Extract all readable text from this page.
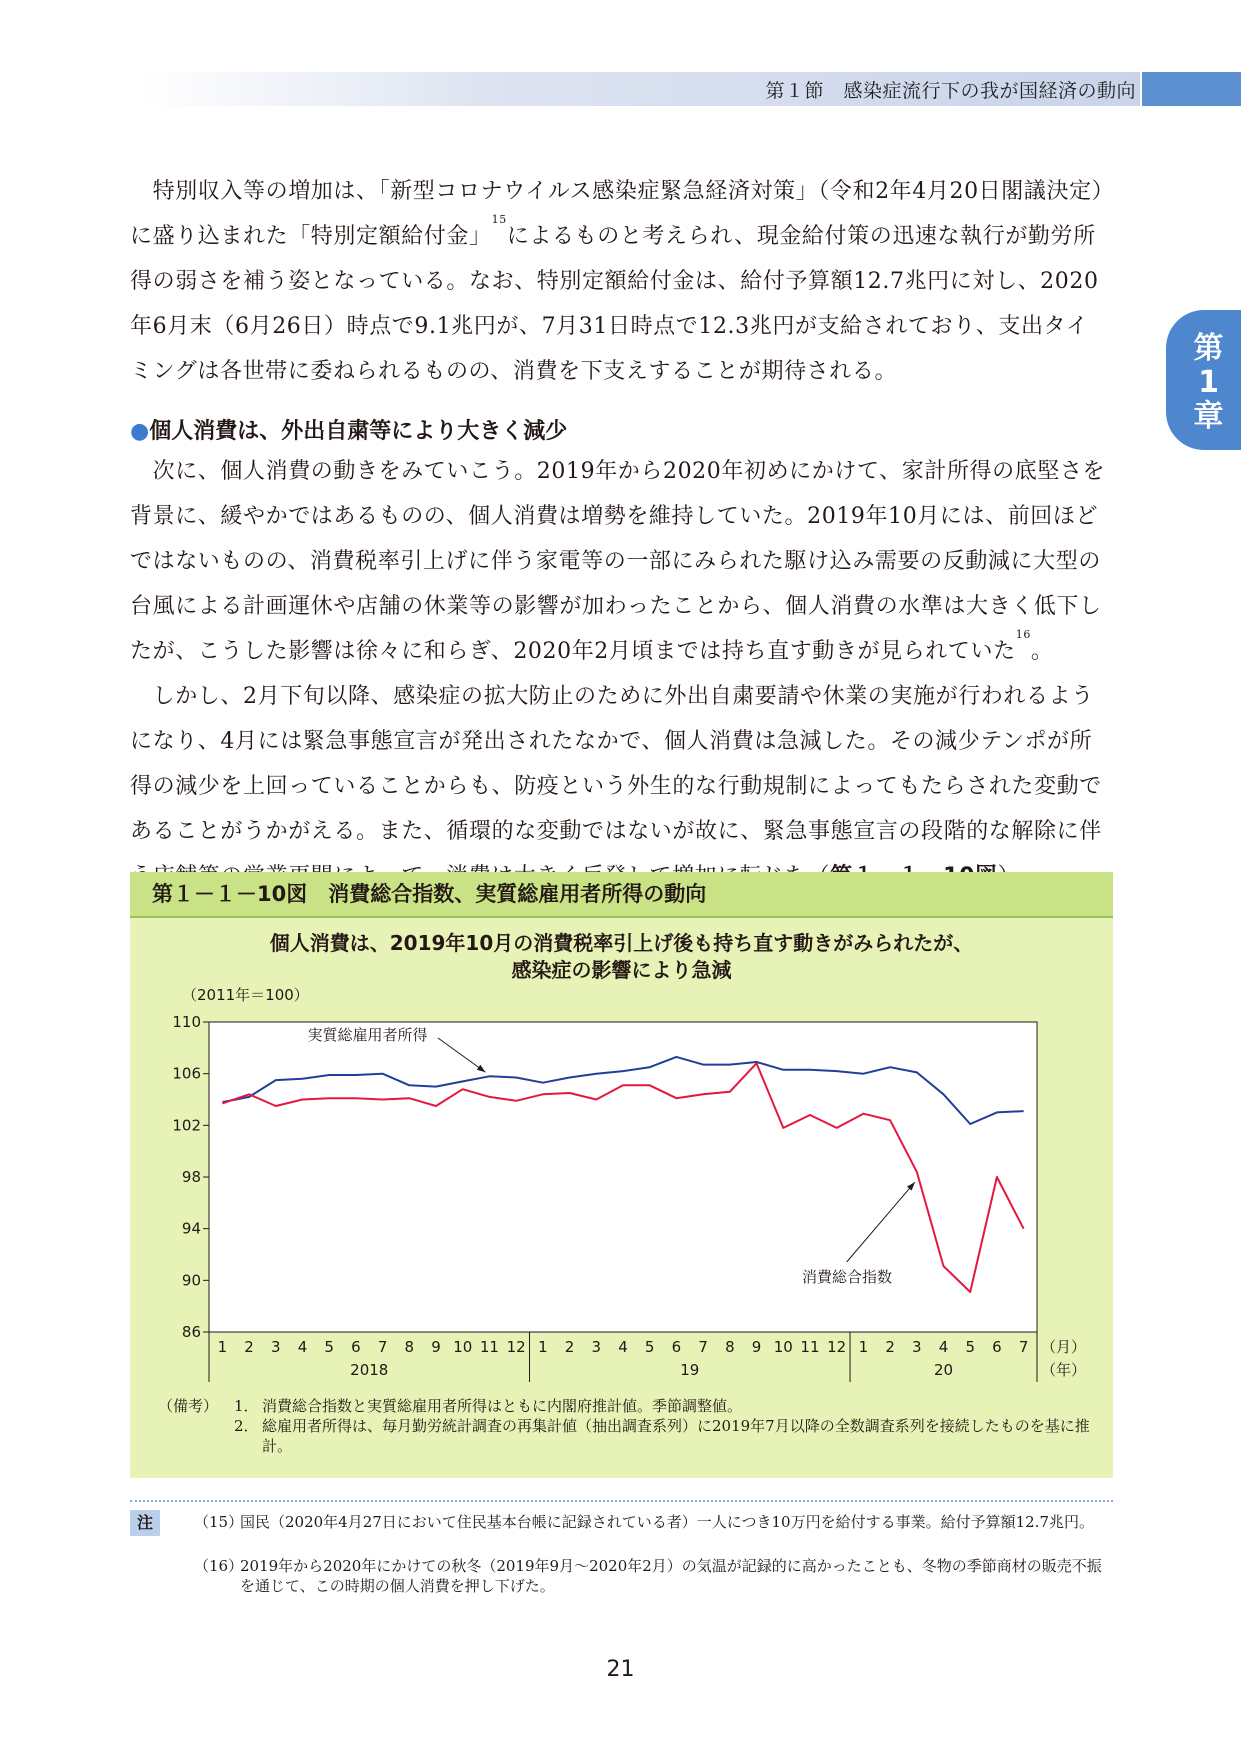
第１節　感染症流行下の我が国経済の動向
第
1
章

　特別収入等の増加は、「新型コロナウイルス感染症緊急経済対策」（令和2年4月20日閣議決定）に盛り込まれた「特別定額給付金」$^{15}$によるものと考えられ、現金給付策の迅速な執行が勤労所得の弱さを補う姿となっている。なお、特別定額給付金は、給付予算額12.7兆円に対し、2020年6月末（6月26日）時点で9.1兆円が、7月31日時点で12.3兆円が支給されており、支出タイミングは各世帯に委ねられるものの、消費を下支えすることが期待される。

●個人消費は、外出自粛等により大きく減少

　次に、個人消費の動きをみていこう。2019年から2020年初めにかけて、家計所得の底堅さを背景に、緩やかではあるものの、個人消費は増勢を維持していた。2019年10月には、前回ほどではないものの、消費税率引上げに伴う家電等の一部にみられた駆け込み需要の反動減に大型の台風による計画運休や店舗の休業等の影響が加わったことから、個人消費の水準は大きく低下したが、こうした影響は徐々に和らぎ、2020年2月頃までは持ち直す動きが見られていた$^{16}$。

　しかし、2月下旬以降、感染症の拡大防止のために外出自粛要請や休業の実施が行われるようになり、4月には緊急事態宣言が発出されたなかで、個人消費は急減した。その減少テンポが所得の減少を上回っていることからも、防疫という外生的な行動規制によってもたらされた変動であることがうかがえる。また、循環的な変動ではないが故に、緊急事態宣言の段階的な解除に伴

第１－１－10図　消費総合指数、実質総雇用者所得の動向
個人消費は、2019年10月の消費税率引上げ後も持ち直す動きがみられたが、
感染症の影響により急減
（2011年＝100）
110
106
102
98
94
90
86
1 2 3 4 5 6 7 8 9 10 11 12 1 2 3 4 5 6 7 8 9 10 11 12 1 2 3 4 5 6 7 （月）
2018	19	20	（年）
実質総雇用者所得
消費総合指数
（備考）	1． 消費総合指数と実質総雇用者所得はともに内閣府推計値。季節調整値。
2． 総雇用者所得は、毎月勤労統計調査の再集計値（抽出調査系列）に2019年7月以降の全数調査系列を接続したものを基に推計。
注	（15）
国民（2020年4月27日において住民基本台帳に記録されている者）一人につき10万円を給付する事業。給付予算額12.7兆円。
（16）
2019年から2020年にかけての秋冬（2019年9月～2020年2月）の気温が記録的に高かったことも、冬物の季節商材の販売不振を通じて、この時期の個人消費を押し下げた。
21
